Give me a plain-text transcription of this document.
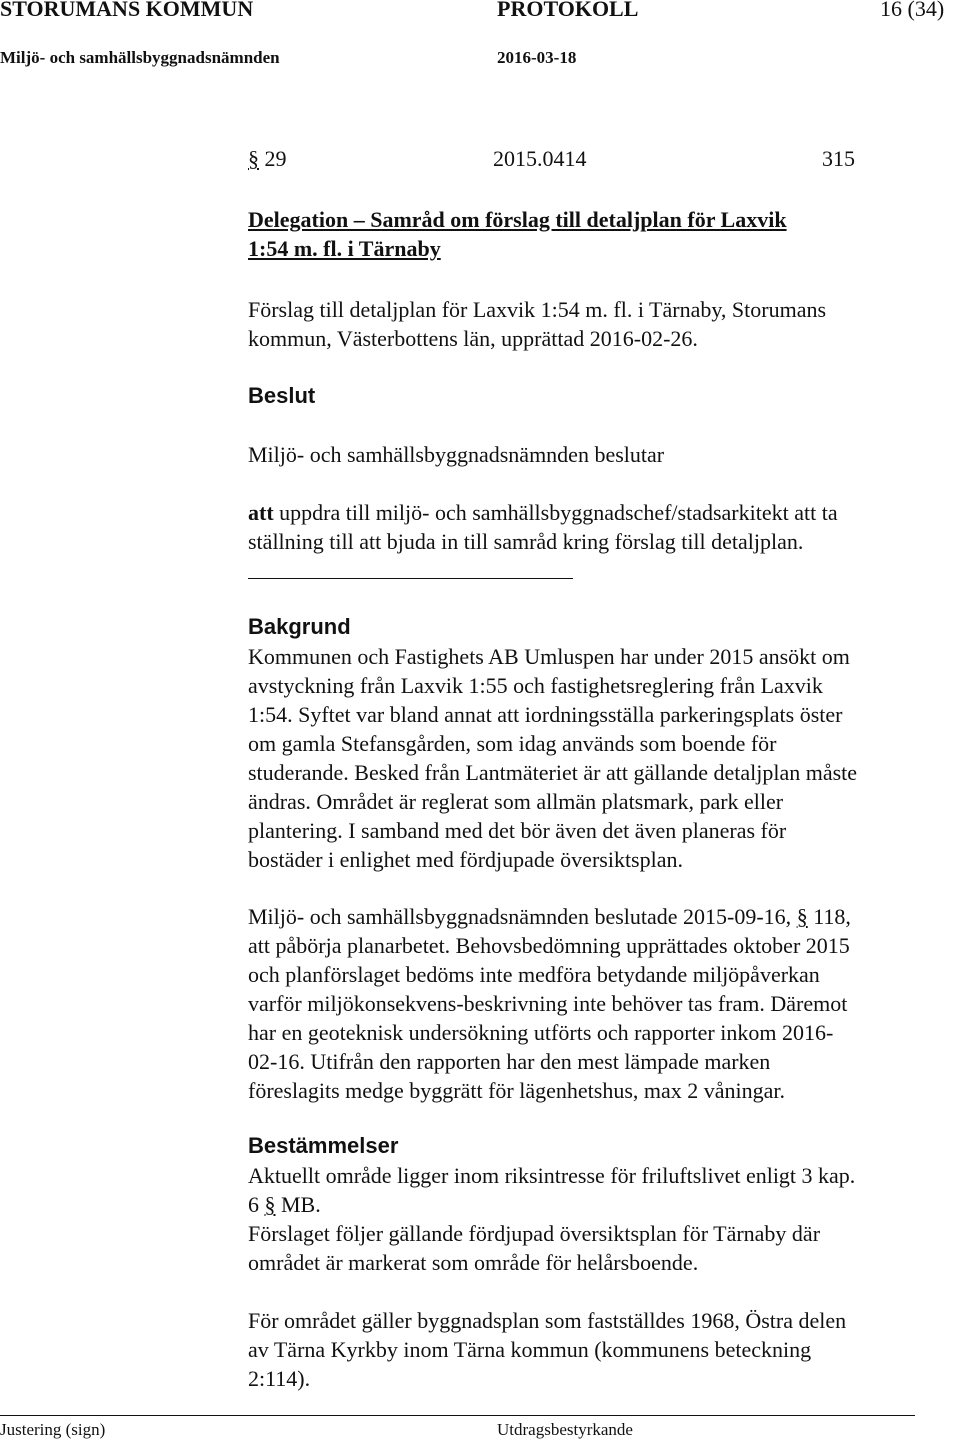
STORUMANS KOMMUN	PROTOKOLL	16 (34)
Miljö- och samhällsbyggnadsnämnden	2016-03-18
§ 29	2015.0414	315
Delegation – Samråd om förslag till detaljplan för Laxvik
1:54 m. fl. i Tärnaby
Förslag till detaljplan för Laxvik 1:54 m. fl. i Tärnaby, Storumans
kommun, Västerbottens län, upprättad 2016-02-26.
Beslut
Miljö- och samhällsbyggnadsnämnden beslutar
att uppdra till miljö- och samhällsbyggnadschef/stadsarkitekt att ta
ställning till att bjuda in till samråd kring förslag till detaljplan.
Bakgrund
Kommunen och Fastighets AB Umluspen har under 2015 ansökt om
avstyckning från Laxvik 1:55 och fastighetsreglering från Laxvik
1:54. Syftet var bland annat att iordningsställa parkeringsplats öster
om gamla Stefansgården, som idag används som boende för
studerande. Besked från Lantmäteriet är att gällande detaljplan måste
ändras. Området är reglerat som allmän platsmark, park eller
plantering. I samband med det bör även det även planeras för
bostäder i enlighet med fördjupade översiktsplan.
Miljö- och samhällsbyggnadsnämnden beslutade 2015-09-16, § 118,
att påbörja planarbetet. Behovsbedömning upprättades oktober 2015
och planförslaget bedöms inte medföra betydande miljöpåverkan
varför miljökonsekvens-beskrivning inte behöver tas fram. Däremot
har en geoteknisk undersökning utförts och rapporter inkom 2016-
02-16. Utifrån den rapporten har den mest lämpade marken
föreslagits medge byggrätt för lägenhetshus, max 2 våningar.
Bestämmelser
Aktuellt område ligger inom riksintresse för friluftslivet enligt 3 kap.
6 § MB.
Förslaget följer gällande fördjupad översiktsplan för Tärnaby där
området är markerat som område för helårsboende.
För området gäller byggnadsplan som fastställdes 1968, Östra delen
av Tärna Kyrkby inom Tärna kommun (kommunens beteckning
2:114).
Justering (sign)	Utdragsbestyrkande
